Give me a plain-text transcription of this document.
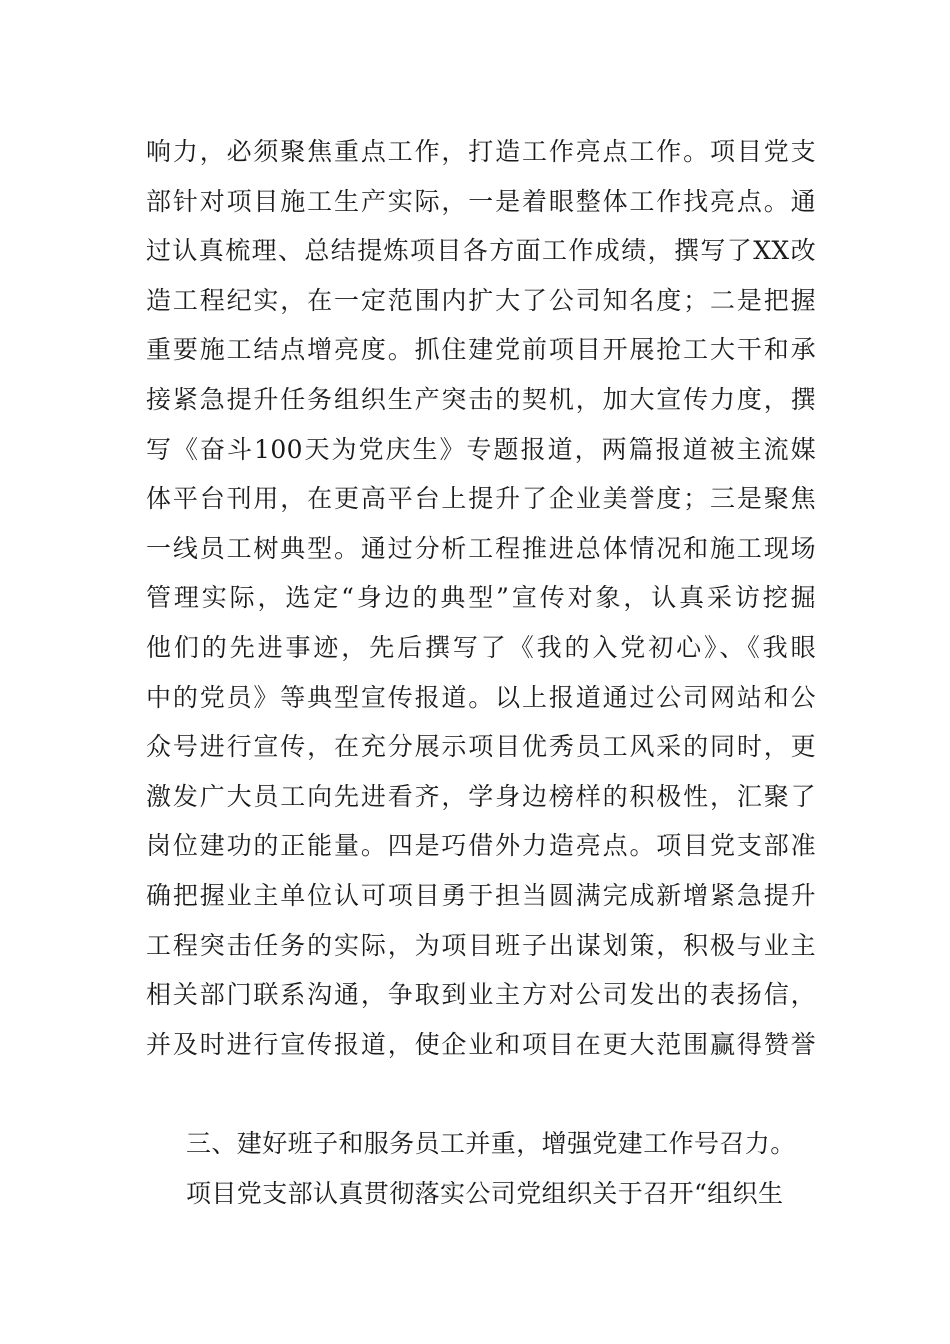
响力，必须聚焦重点工作，打造工作亮点工作。项目党支
部针对项目施工生产实际，一是着眼整体工作找亮点。通
过认真梳理、总结提炼项目各方面工作成绩，撰写了XX改
造工程纪实，在一定范围内扩大了公司知名度；二是把握
重要施工结点增亮度。抓住建党前项目开展抢工大干和承
接紧急提升任务组织生产突击的契机，加大宣传力度，撰
写《奋斗100天为党庆生》专题报道，两篇报道被主流媒
体平台刊用，在更高平台上提升了企业美誉度；三是聚焦
一线员工树典型。通过分析工程推进总体情况和施工现场
管理实际，选定“身边的典型”宣传对象，认真采访挖掘
他们的先进事迹，先后撰写了《我的入党初心》、《我眼
中的党员》等典型宣传报道。以上报道通过公司网站和公
众号进行宣传，在充分展示项目优秀员工风采的同时，更
激发广大员工向先进看齐，学身边榜样的积极性，汇聚了
岗位建功的正能量。四是巧借外力造亮点。项目党支部准
确把握业主单位认可项目勇于担当圆满完成新增紧急提升
工程突击任务的实际，为项目班子出谋划策，积极与业主
相关部门联系沟通，争取到业主方对公司发出的表扬信，
并及时进行宣传报道，使企业和项目在更大范围赢得赞誉
三、建好班子和服务员工并重，增强党建工作号召力。
项目党支部认真贯彻落实公司党组织关于召开“组织生
